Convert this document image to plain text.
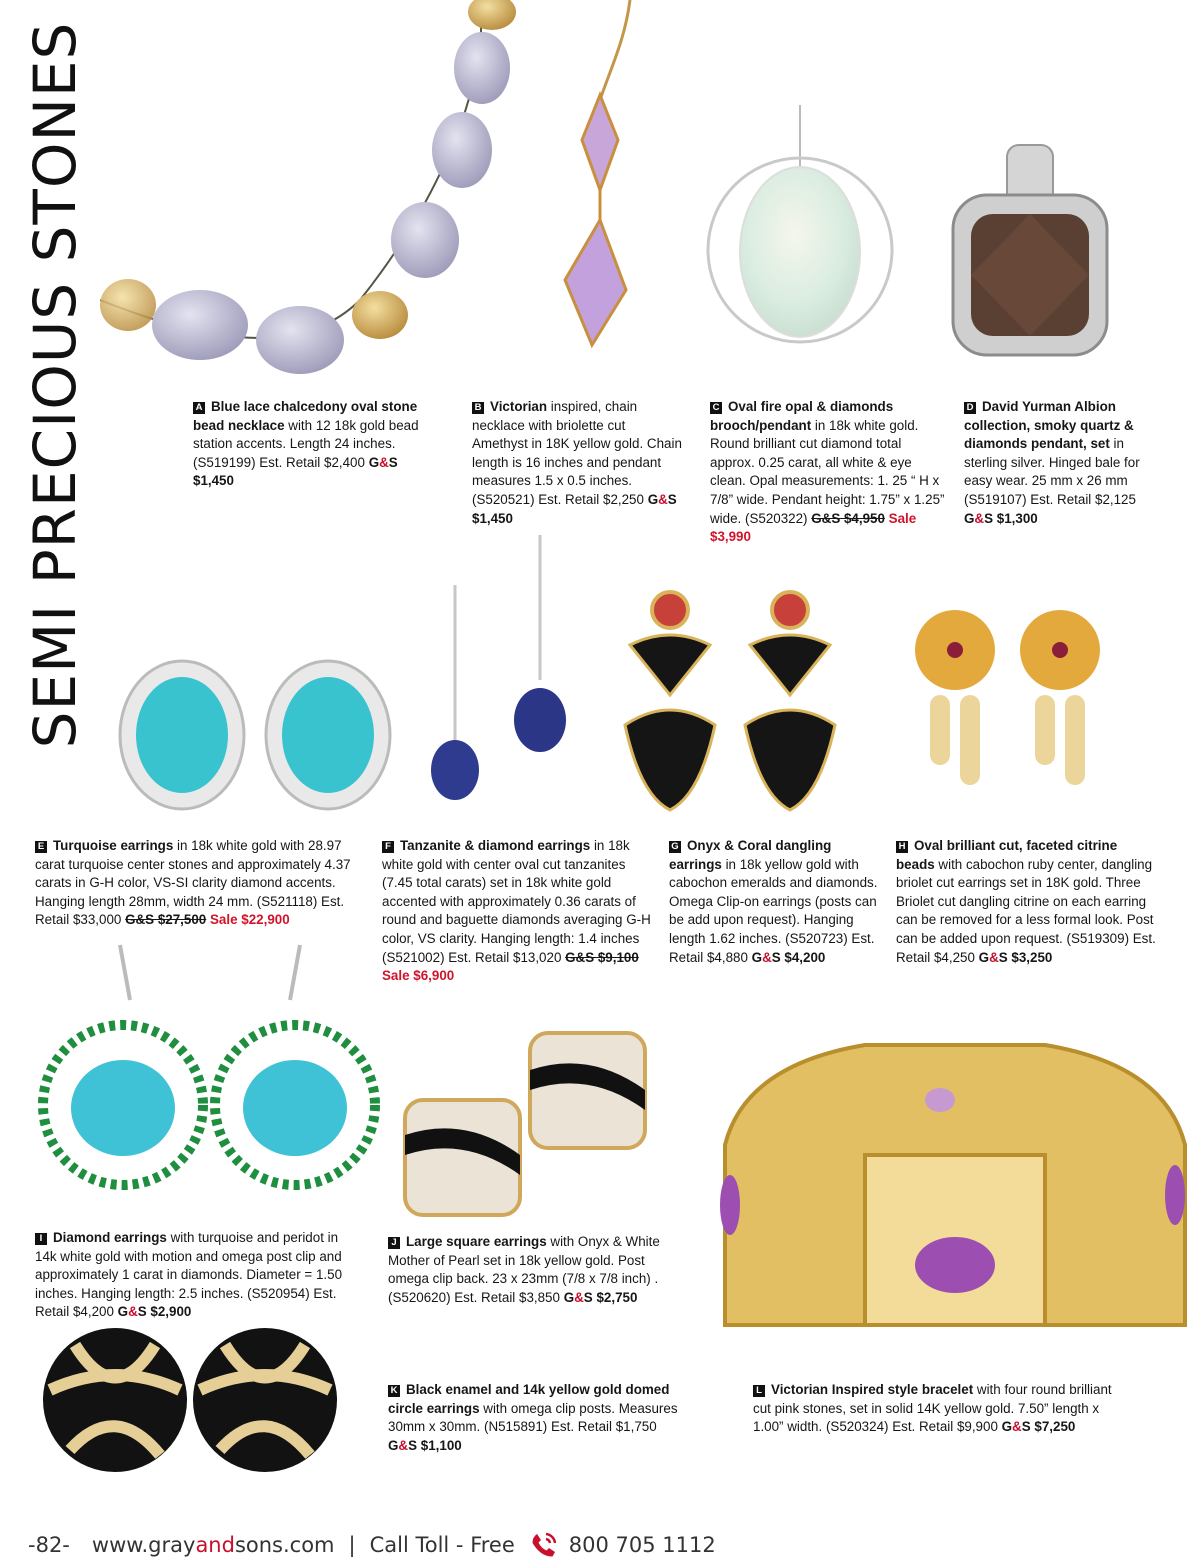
SEMI PRECIOUS STONES	A Blue lace chalcedony oval stone bead necklace with 12 18k gold bead station accents. Length 24 inches. (S519199) Est. Retail $2,400 G&S $1,450
B Victorian inspired, chain necklace with briolette cut Amethyst in 18K yellow gold. Chain length is 16 inches and pendant measures 1.5 x 0.5 inches. (S520521) Est. Retail $2,250 G&S $1,450
C Oval fire opal & diamonds brooch/pendant in 18k white gold. Round brilliant cut diamond total approx. 0.25 carat, all white & eye clean. Opal measurements: 1. 25 “ H x 7/8” wide. Pendant height: 1.75” x 1.25” wide. (S520322) G&S $4,950 Sale $3,990
D David Yurman Albion collection, smoky quartz & diamonds pendant, set in sterling silver. Hinged bale for easy wear. 25 mm x 26 mm (S519107) Est. Retail $2,125 G&S $1,300
E Turquoise earrings in 18k white gold with 28.97 carat turquoise center stones and approximately 4.37 carats in G-H color, VS-SI clarity diamond accents. Hanging length 28mm, width 24 mm. (S521118) Est. Retail $33,000 G&S $27,500 Sale $22,900
F Tanzanite & diamond earrings in 18k white gold with center oval cut tanzanites (7.45 total carats) set in 18k white gold accented with approximately 0.36 carats of round and baguette diamonds averaging G-H color, VS clarity. Hanging length: 1.4 inches (S521002) Est. Retail $13,020 G&S $9,100 Sale $6,900
G Onyx & Coral dangling earrings in 18k yellow gold with cabochon emeralds and diamonds. Omega Clip-on earrings (posts can be add upon request). Hanging length 1.62 inches. (S520723) Est. Retail $4,880 G&S $4,200
H Oval brilliant cut, faceted citrine beads with cabochon ruby center, dangling briolet cut earrings set in 18K gold. Three Briolet cut dangling citrine on each earring can be removed for a less formal look. Post can be added upon request. (S519309) Est. Retail $4,250 G&S $3,250
I Diamond earrings with turquoise and peridot in 14k white gold with motion and omega post clip and approximately 1 carat in diamonds. Diameter = 1.50 inches. Hanging length: 2.5 inches. (S520954) Est. Retail $4,200 G&S $2,900
J Large square earrings with Onyx & White Mother of Pearl set in 18k yellow gold. Post omega clip back. 23 x 23mm (7/8 x 7/8 inch) . (S520620) Est. Retail $3,850 G&S $2,750
K Black enamel and 14k yellow gold domed circle earrings with omega clip posts. Measures 30mm x 30mm. (N515891) Est. Retail $1,750 G&S $1,100
L Victorian Inspired style bracelet with four round brilliant cut pink stones, set in solid 14K yellow gold. 7.50” length x 1.00” width. (S520324) Est. Retail $9,900 G&S $7,250
-82- www.grayandsons.com | Call Toll - Free	800 705 1112
